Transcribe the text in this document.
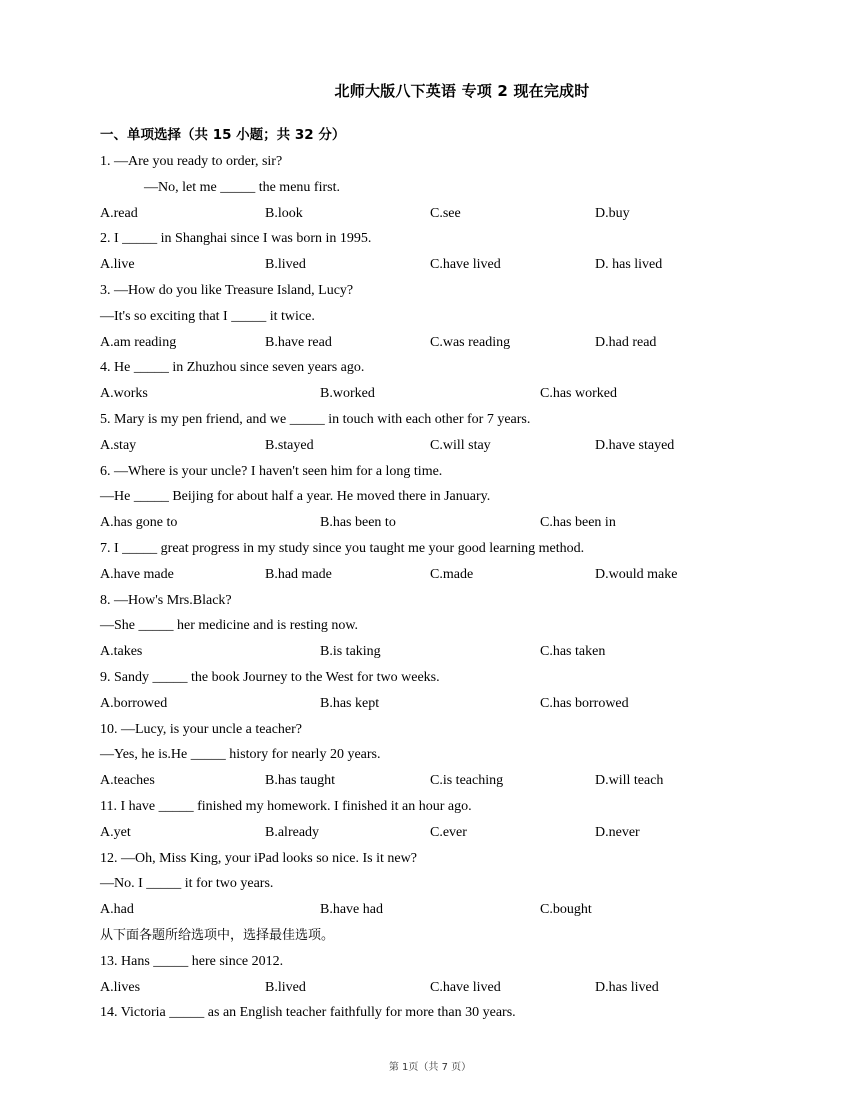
北师大版八下英语 专项 2 现在完成时
一、单项选择（共 15 小题；共 32 分）
1. —Are you ready to order, sir?
—No, let me _____ the menu first.
A.read	B.look	C.see	D.buy
2. I _____ in Shanghai since I was born in 1995.
A.live	B.lived	C.have lived	D. has lived
3. —How do you like Treasure Island, Lucy?
—It's so exciting that I _____ it twice.
A.am reading	B.have read	C.was reading	D.had read
4. He _____ in Zhuzhou since seven years ago.
A.works	B.worked	C.has worked
5. Mary is my pen friend, and we _____ in touch with each other for 7 years.
A.stay	B.stayed	C.will stay	D.have stayed
6. —Where is your uncle? I haven't seen him for a long time.
—He _____ Beijing for about half a year. He moved there in January.
A.has gone to	B.has been to	C.has been in
7. I _____ great progress in my study since you taught me your good learning method.
A.have made	B.had made	C.made	D.would make
8. —How's Mrs.Black?
—She _____ her medicine and is resting now.
A.takes	B.is taking	C.has taken
9. Sandy _____ the book Journey to the West for two weeks.
A.borrowed	B.has kept	C.has borrowed
10. —Lucy, is your uncle a teacher?
—Yes, he is.He _____ history for nearly 20 years.
A.teaches	B.has taught	C.is teaching	D.will teach
11. I have _____ finished my homework. I finished it an hour ago.
A.yet	B.already	C.ever	D.never
12. —Oh, Miss King, your iPad looks so nice. Is it new?
—No. I _____ it for two years.
A.had	B.have had	C.bought
从下面各题所给选项中，选择最佳选项。
13. Hans _____ here since 2012.
A.lives	B.lived	C.have lived	D.has lived
14. Victoria _____ as an English teacher faithfully for more than 30 years.
第 1页（共 7 页）
